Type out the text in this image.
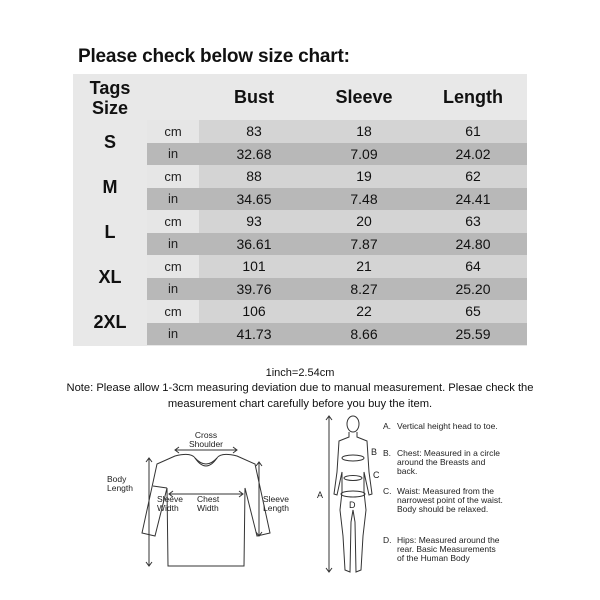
Please check below size chart:
Tags
Size
Bust	Sleeve	Length
S
cm	83	18	61
in	32.68	7.09	24.02
M
cm	88	19	62
in	34.65	7.48	24.41
L
cm	93	20	63
in	36.61	7.87	24.80
XL
cm	101	21	64
in	39.76	8.27	25.20
2XL
cm	106	22	65
in	41.73	8.66	25.59
1inch=2.54cm
Note: Please allow 1-3cm measuring deviation due to manual measurement. Plesae check the measurement chart carefully before you buy the item.
Cross
Shoulder
Body
Length
Sleeve
Width
Chest
Width
Sleeve
Length
A
B
C
D
A. Vertical height head to toe.
B. Chest: Measured in a circle around the Breasts and back.
C. Waist: Measured from the narrowest point of the waist. Body should be relaxed.
D. Hips: Measured around the rear. Basic Measurements of the Human Body
